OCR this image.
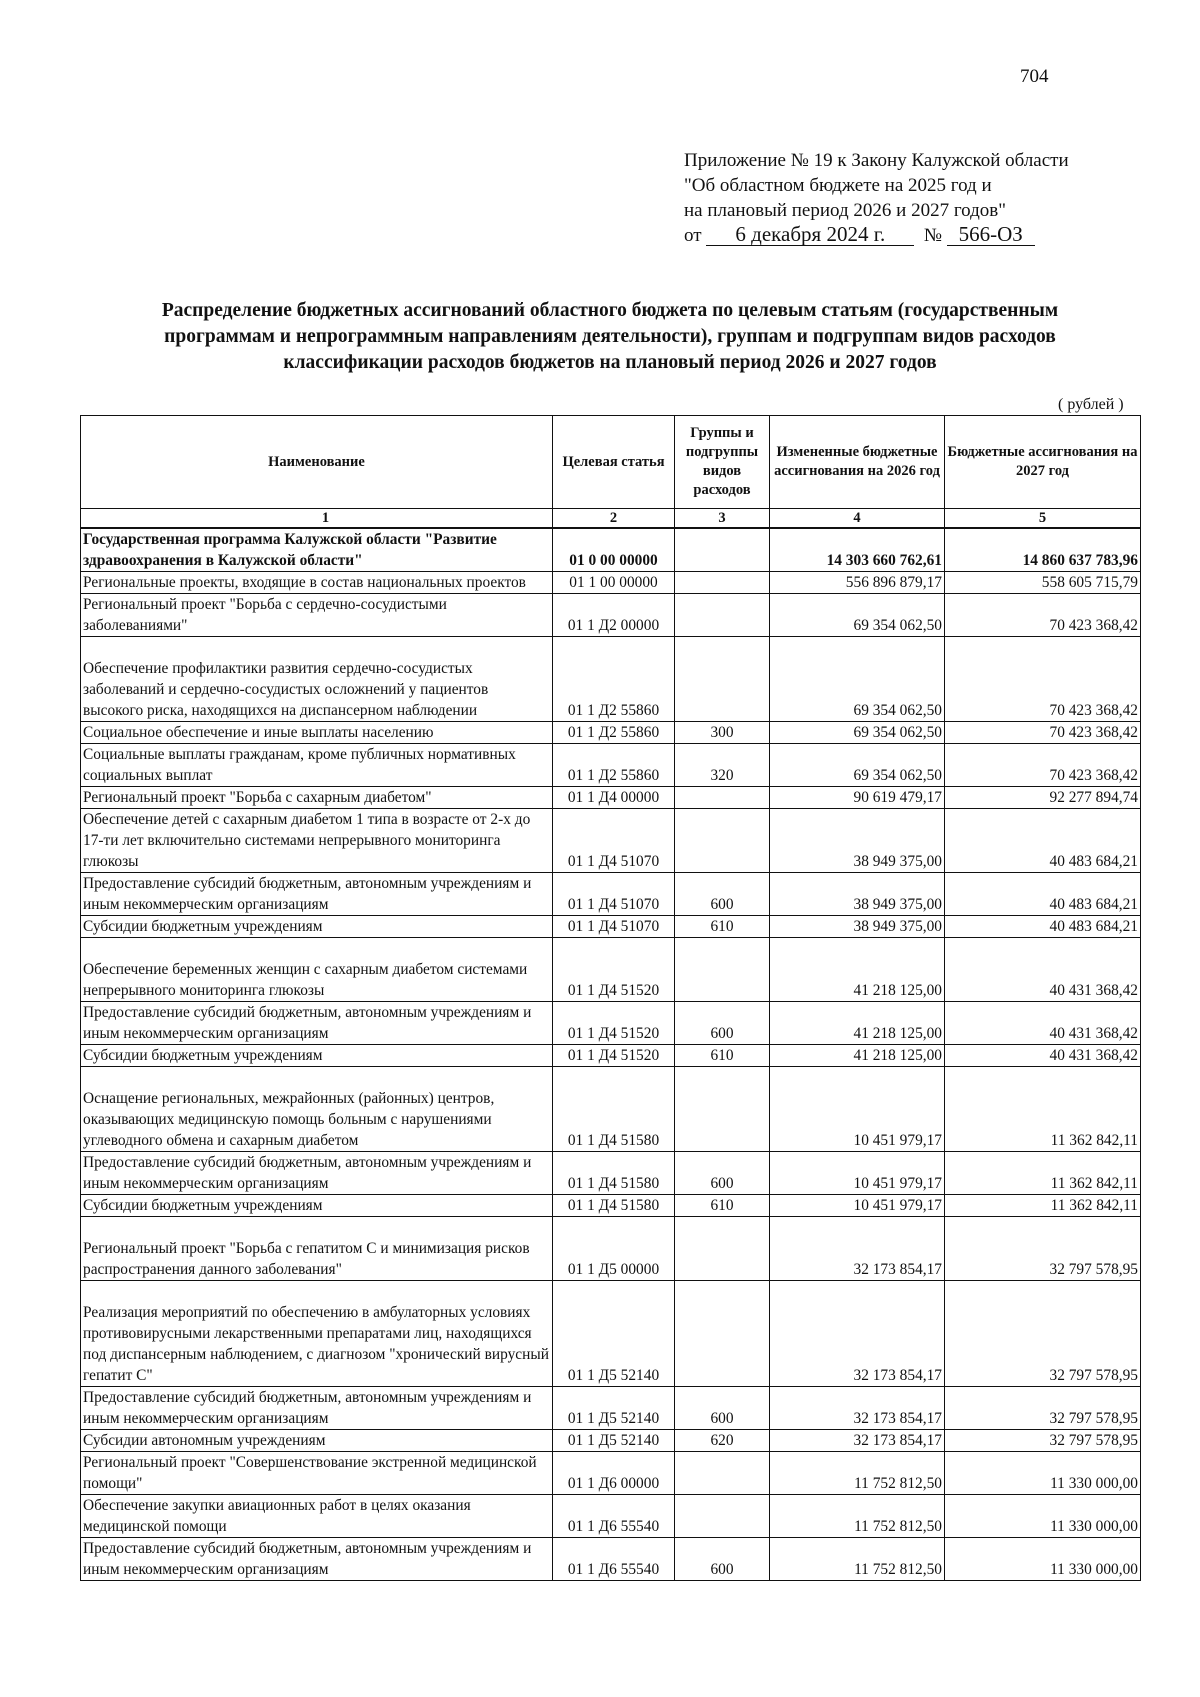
704
Приложение № 19 к Закону Калужской области
"Об областном бюджете на 2025 год и
на плановый период 2026 и 2027 годов"
от 6 декабря 2024 г. № 566-ОЗ
Распределение бюджетных ассигнований областного бюджета по целевым статьям (государственным
программам и непрограммным направлениям деятельности), группам и подгруппам видов расходов
классификации расходов бюджетов на плановый период 2026 и 2027 годов
( рублей )
Наименование	Целевая статья	Группы и подгруппы видов расходов	Измененные бюджетные ассигнования на 2026 год	Бюджетные ассигнования на 2027 год
1	2	3	4	5
Государственная программа Калужской области "Развитие здравоохранения в Калужской области"	01 0 00 00000		14 303 660 762,61	14 860 637 783,96
Региональные проекты, входящие в состав национальных проектов	01 1 00 00000		556 896 879,17	558 605 715,79
Региональный проект "Борьба с сердечно-сосудистыми заболеваниями"	01 1 Д2 00000		69 354 062,50	70 423 368,42
Обеспечение профилактики развития сердечно-сосудистых заболеваний и сердечно-сосудистых осложнений у пациентов высокого риска, находящихся на диспансерном наблюдении	01 1 Д2 55860		69 354 062,50	70 423 368,42
Социальное обеспечение и иные выплаты населению	01 1 Д2 55860	300	69 354 062,50	70 423 368,42
Социальные выплаты гражданам, кроме публичных нормативных социальных выплат	01 1 Д2 55860	320	69 354 062,50	70 423 368,42
Региональный проект "Борьба с сахарным диабетом"	01 1 Д4 00000		90 619 479,17	92 277 894,74
Обеспечение детей с сахарным диабетом 1 типа в возрасте от 2-х до 17-ти лет включительно системами непрерывного мониторинга глюкозы	01 1 Д4 51070		38 949 375,00	40 483 684,21
Предоставление субсидий бюджетным, автономным учреждениям и иным некоммерческим организациям	01 1 Д4 51070	600	38 949 375,00	40 483 684,21
Субсидии бюджетным учреждениям	01 1 Д4 51070	610	38 949 375,00	40 483 684,21
Обеспечение беременных женщин с сахарным диабетом системами непрерывного мониторинга глюкозы	01 1 Д4 51520		41 218 125,00	40 431 368,42
Предоставление субсидий бюджетным, автономным учреждениям и иным некоммерческим организациям	01 1 Д4 51520	600	41 218 125,00	40 431 368,42
Субсидии бюджетным учреждениям	01 1 Д4 51520	610	41 218 125,00	40 431 368,42
Оснащение региональных, межрайонных (районных) центров, оказывающих медицинскую помощь больным с нарушениями углеводного обмена и сахарным диабетом	01 1 Д4 51580		10 451 979,17	11 362 842,11
Предоставление субсидий бюджетным, автономным учреждениям и иным некоммерческим организациям	01 1 Д4 51580	600	10 451 979,17	11 362 842,11
Субсидии бюджетным учреждениям	01 1 Д4 51580	610	10 451 979,17	11 362 842,11
Региональный проект "Борьба с гепатитом С и минимизация рисков распространения данного заболевания"	01 1 Д5 00000		32 173 854,17	32 797 578,95
Реализация мероприятий по обеспечению в амбулаторных условиях противовирусными лекарственными препаратами лиц, находящихся под диспансерным наблюдением, с диагнозом "хронический вирусный гепатит С"	01 1 Д5 52140		32 173 854,17	32 797 578,95
Предоставление субсидий бюджетным, автономным учреждениям и иным некоммерческим организациям	01 1 Д5 52140	600	32 173 854,17	32 797 578,95
Субсидии автономным учреждениям	01 1 Д5 52140	620	32 173 854,17	32 797 578,95
Региональный проект "Совершенствование экстренной медицинской помощи"	01 1 Д6 00000		11 752 812,50	11 330 000,00
Обеспечение закупки авиационных работ в целях оказания медицинской помощи	01 1 Д6 55540		11 752 812,50	11 330 000,00
Предоставление субсидий бюджетным, автономным учреждениям и иным некоммерческим организациям	01 1 Д6 55540	600	11 752 812,50	11 330 000,00
